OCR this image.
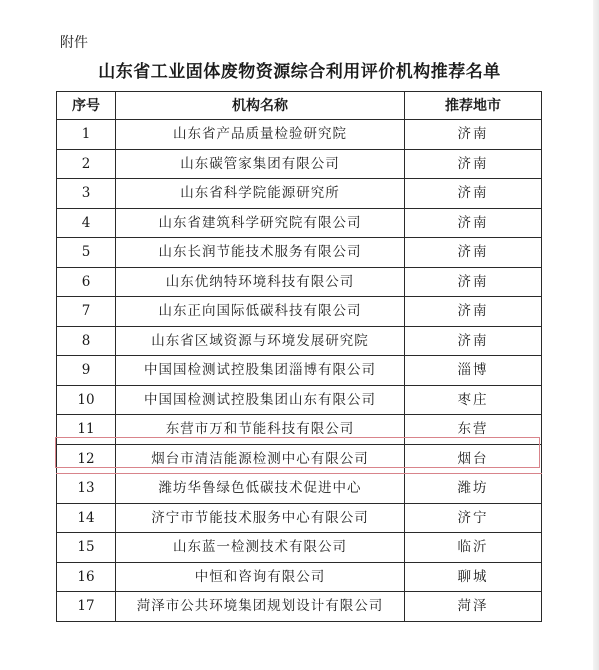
附件
山东省工业固体废物资源综合利用评价机构推荐名单
序号	机构名称	推荐地市
1	山东省产品质量检验研究院	济南
2	山东碳管家集团有限公司	济南
3	山东省科学院能源研究所	济南
4	山东省建筑科学研究院有限公司	济南
5	山东长润节能技术服务有限公司	济南
6	山东优纳特环境科技有限公司	济南
7	山东正向国际低碳科技有限公司	济南
8	山东省区域资源与环境发展研究院	济南
9	中国国检测试控股集团淄博有限公司	淄博
10	中国国检测试控股集团山东有限公司	枣庄
11	东营市万和节能科技有限公司	东营
12	烟台市清洁能源检测中心有限公司	烟台
13	潍坊华鲁绿色低碳技术促进中心	潍坊
14	济宁市节能技术服务中心有限公司	济宁
15	山东蓝一检测技术有限公司	临沂
16	中恒和咨询有限公司	聊城
17	菏泽市公共环境集团规划设计有限公司	菏泽
